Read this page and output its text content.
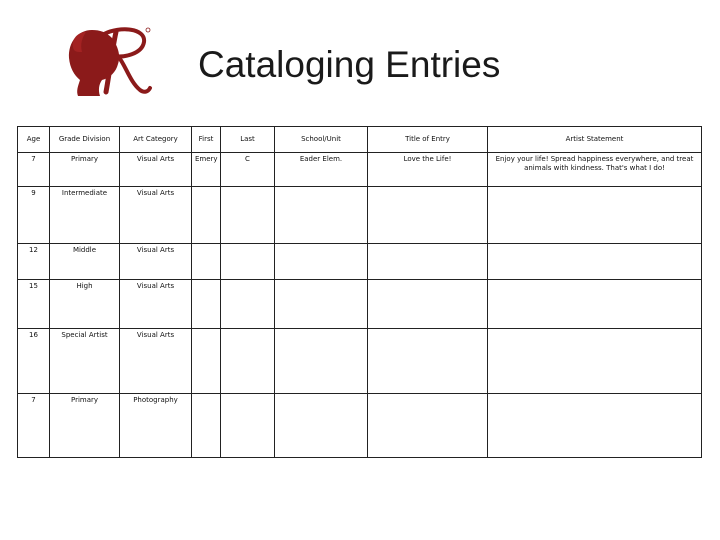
Cataloging Entries
Age	Grade Division	Art Category	First	Last	School/Unit	Title of Entry	Artist Statement
7	Primary	Visual Arts	Emery	C	Eader Elem.	Love the Life!	Enjoy your life! Spread happiness everywhere, and treat animals with kindness. That's what I do!
9	Intermediate	Visual Arts					
12	Middle	Visual Arts					
15	High	Visual Arts					
16	Special Artist	Visual Arts					
7	Primary	Photography					
